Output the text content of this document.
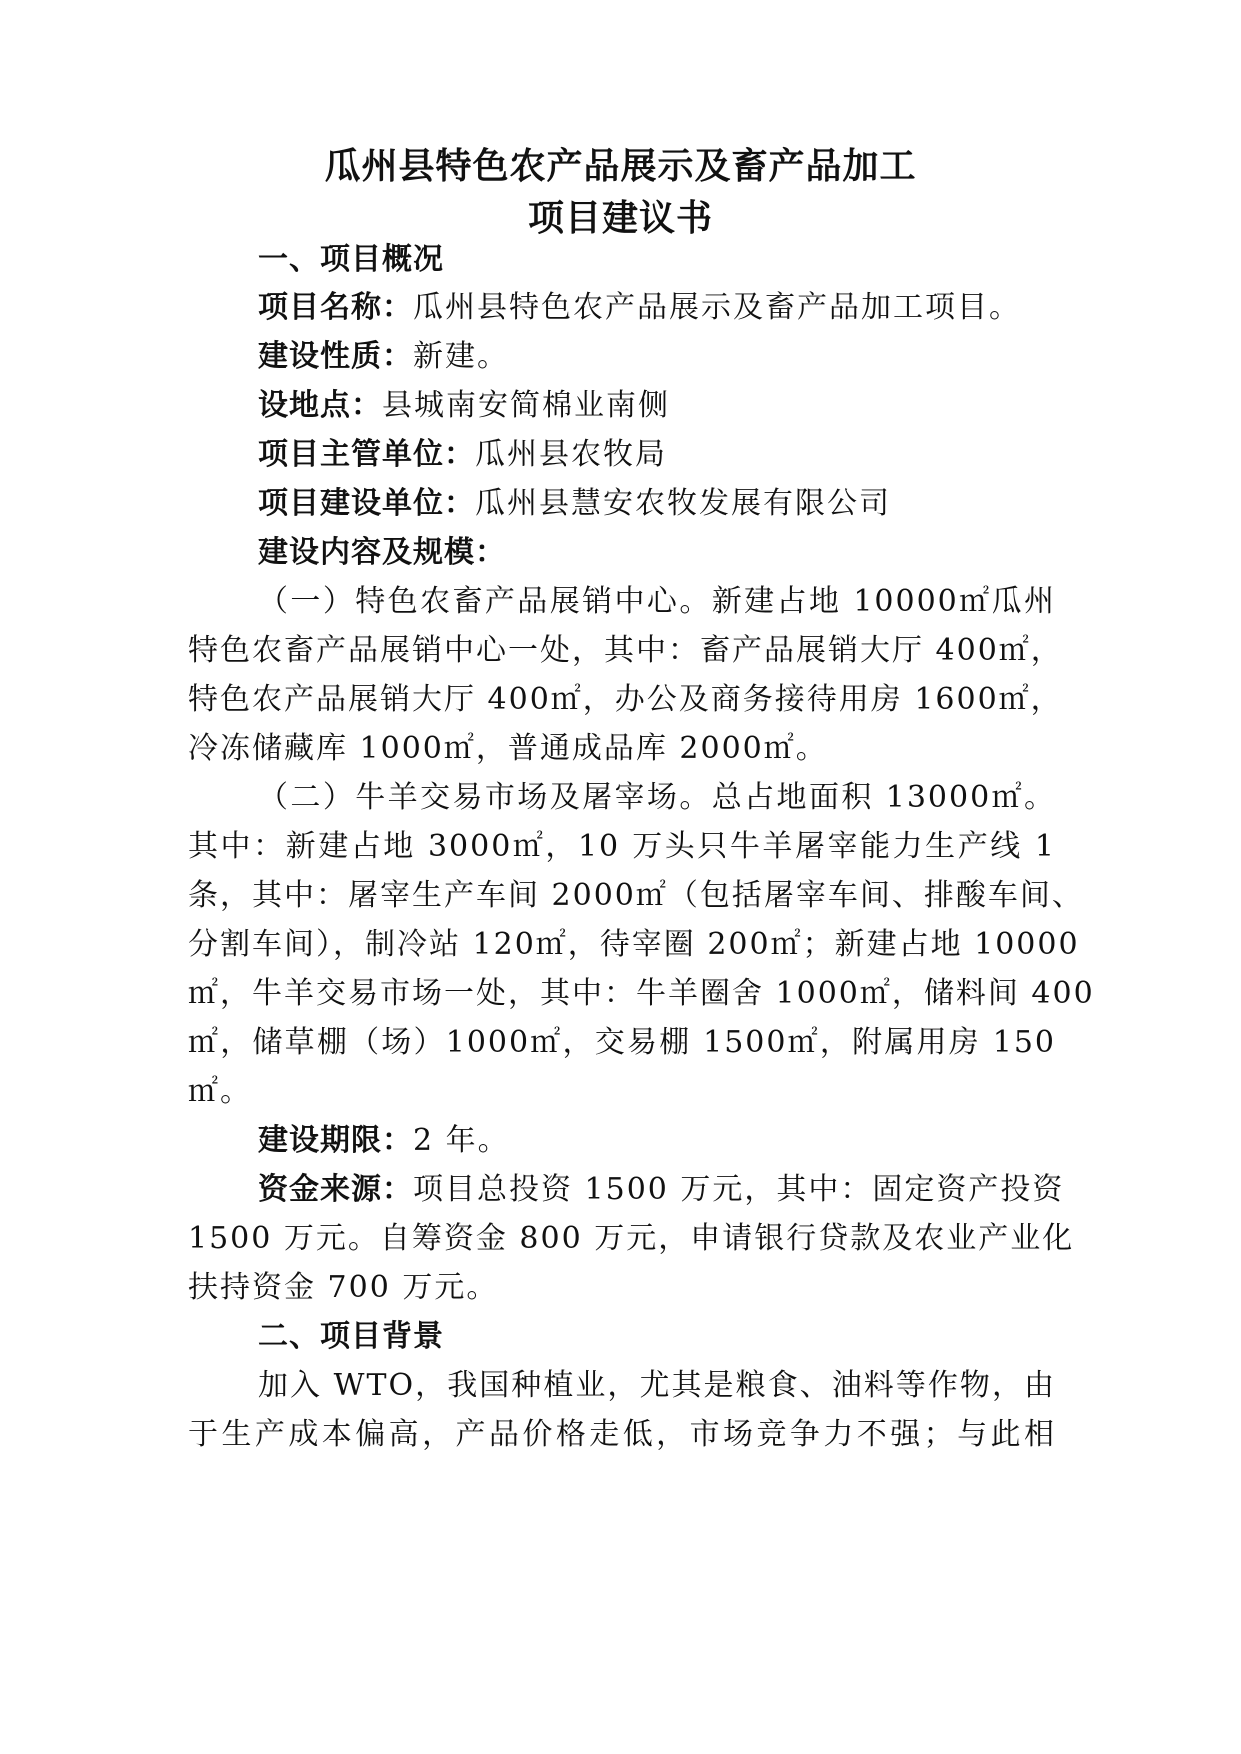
瓜州县特色农产品展示及畜产品加工
项目建议书
一、项目概况
项目名称：瓜州县特色农产品展示及畜产品加工项目。
建设性质：新建。
设地点：县城南安简棉业南侧
项目主管单位：瓜州县农牧局
项目建设单位：瓜州县慧安农牧发展有限公司
建设内容及规模：
（一）特色农畜产品展销中心。新建占地 10000㎡瓜州
特色农畜产品展销中心一处，其中：畜产品展销大厅 400㎡，
特色农产品展销大厅 400㎡，办公及商务接待用房 1600㎡，
冷冻储藏库 1000㎡，普通成品库 2000㎡。
（二）牛羊交易市场及屠宰场。总占地面积 13000㎡。
其中：新建占地 3000㎡，10 万头只牛羊屠宰能力生产线 1
条，其中：屠宰生产车间 2000㎡（包括屠宰车间、排酸车间、
分割车间），制冷站 120㎡，待宰圈 200㎡；新建占地 10000
㎡，牛羊交易市场一处，其中：牛羊圈舍 1000㎡，储料间 400
㎡，储草棚（场）1000㎡，交易棚 1500㎡，附属用房 150
㎡。
建设期限：2 年。
资金来源：项目总投资 1500 万元，其中：固定资产投资
1500 万元。自筹资金 800 万元，申请银行贷款及农业产业化
扶持资金 700 万元。
二、项目背景
加入 WTO，我国种植业，尤其是粮食、油料等作物，由
于生产成本偏高，产品价格走低，市场竞争力不强；与此相
